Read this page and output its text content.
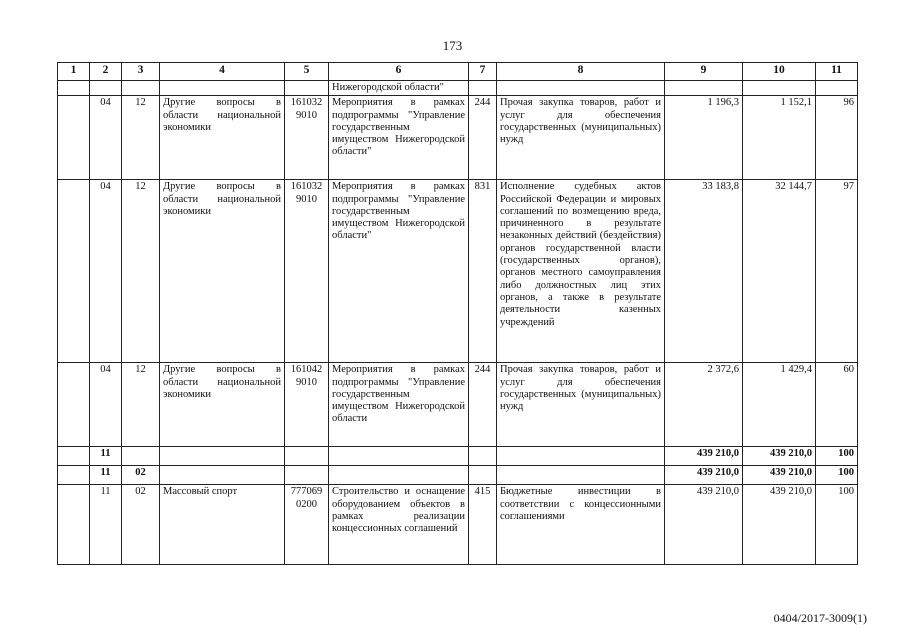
173
1	2	3	4	5	6	7	8	9	10	11
					Нижегородской области"					
	04	12	Другие вопросы в области национальной экономики	161032 9010	Мероприятия в рамках подпрограммы "Управление государственным имуществом Нижегородской области"	244	Прочая закупка товаров, работ и услуг для обеспечения государственных (муниципальных) нужд	1 196,3	1 152,1	96
	04	12	Другие вопросы в области национальной экономики	161032 9010	Мероприятия в рамках подпрограммы "Управление государственным имуществом Нижегородской области"	831	Исполнение судебных актов Российской Федерации и мировых соглашений по возмещению вреда, причиненного в результате незаконных действий (бездействия) органов государственной власти (государственных органов), органов местного самоуправления либо должностных лиц этих органов, а также в результате деятельности казенных учреждений	33 183,8	32 144,7	97
	04	12	Другие вопросы в области национальной экономики	161042 9010	Мероприятия в рамках подпрограммы "Управление государственным имуществом Нижегородской области	244	Прочая закупка товаров, работ и услуг для обеспечения государственных (муниципальных) нужд	2 372,6	1 429,4	60
	11							439 210,0	439 210,0	100
	11	02						439 210,0	439 210,0	100
	11	02	Массовый спорт	777069 0200	Строительство и оснащение оборудованием объектов в рамках реализации концессионных соглашений	415	Бюджетные инвестиции в соответствии с концессионными соглашениями	439 210,0	439 210,0	100
0404/2017-3009(1)
